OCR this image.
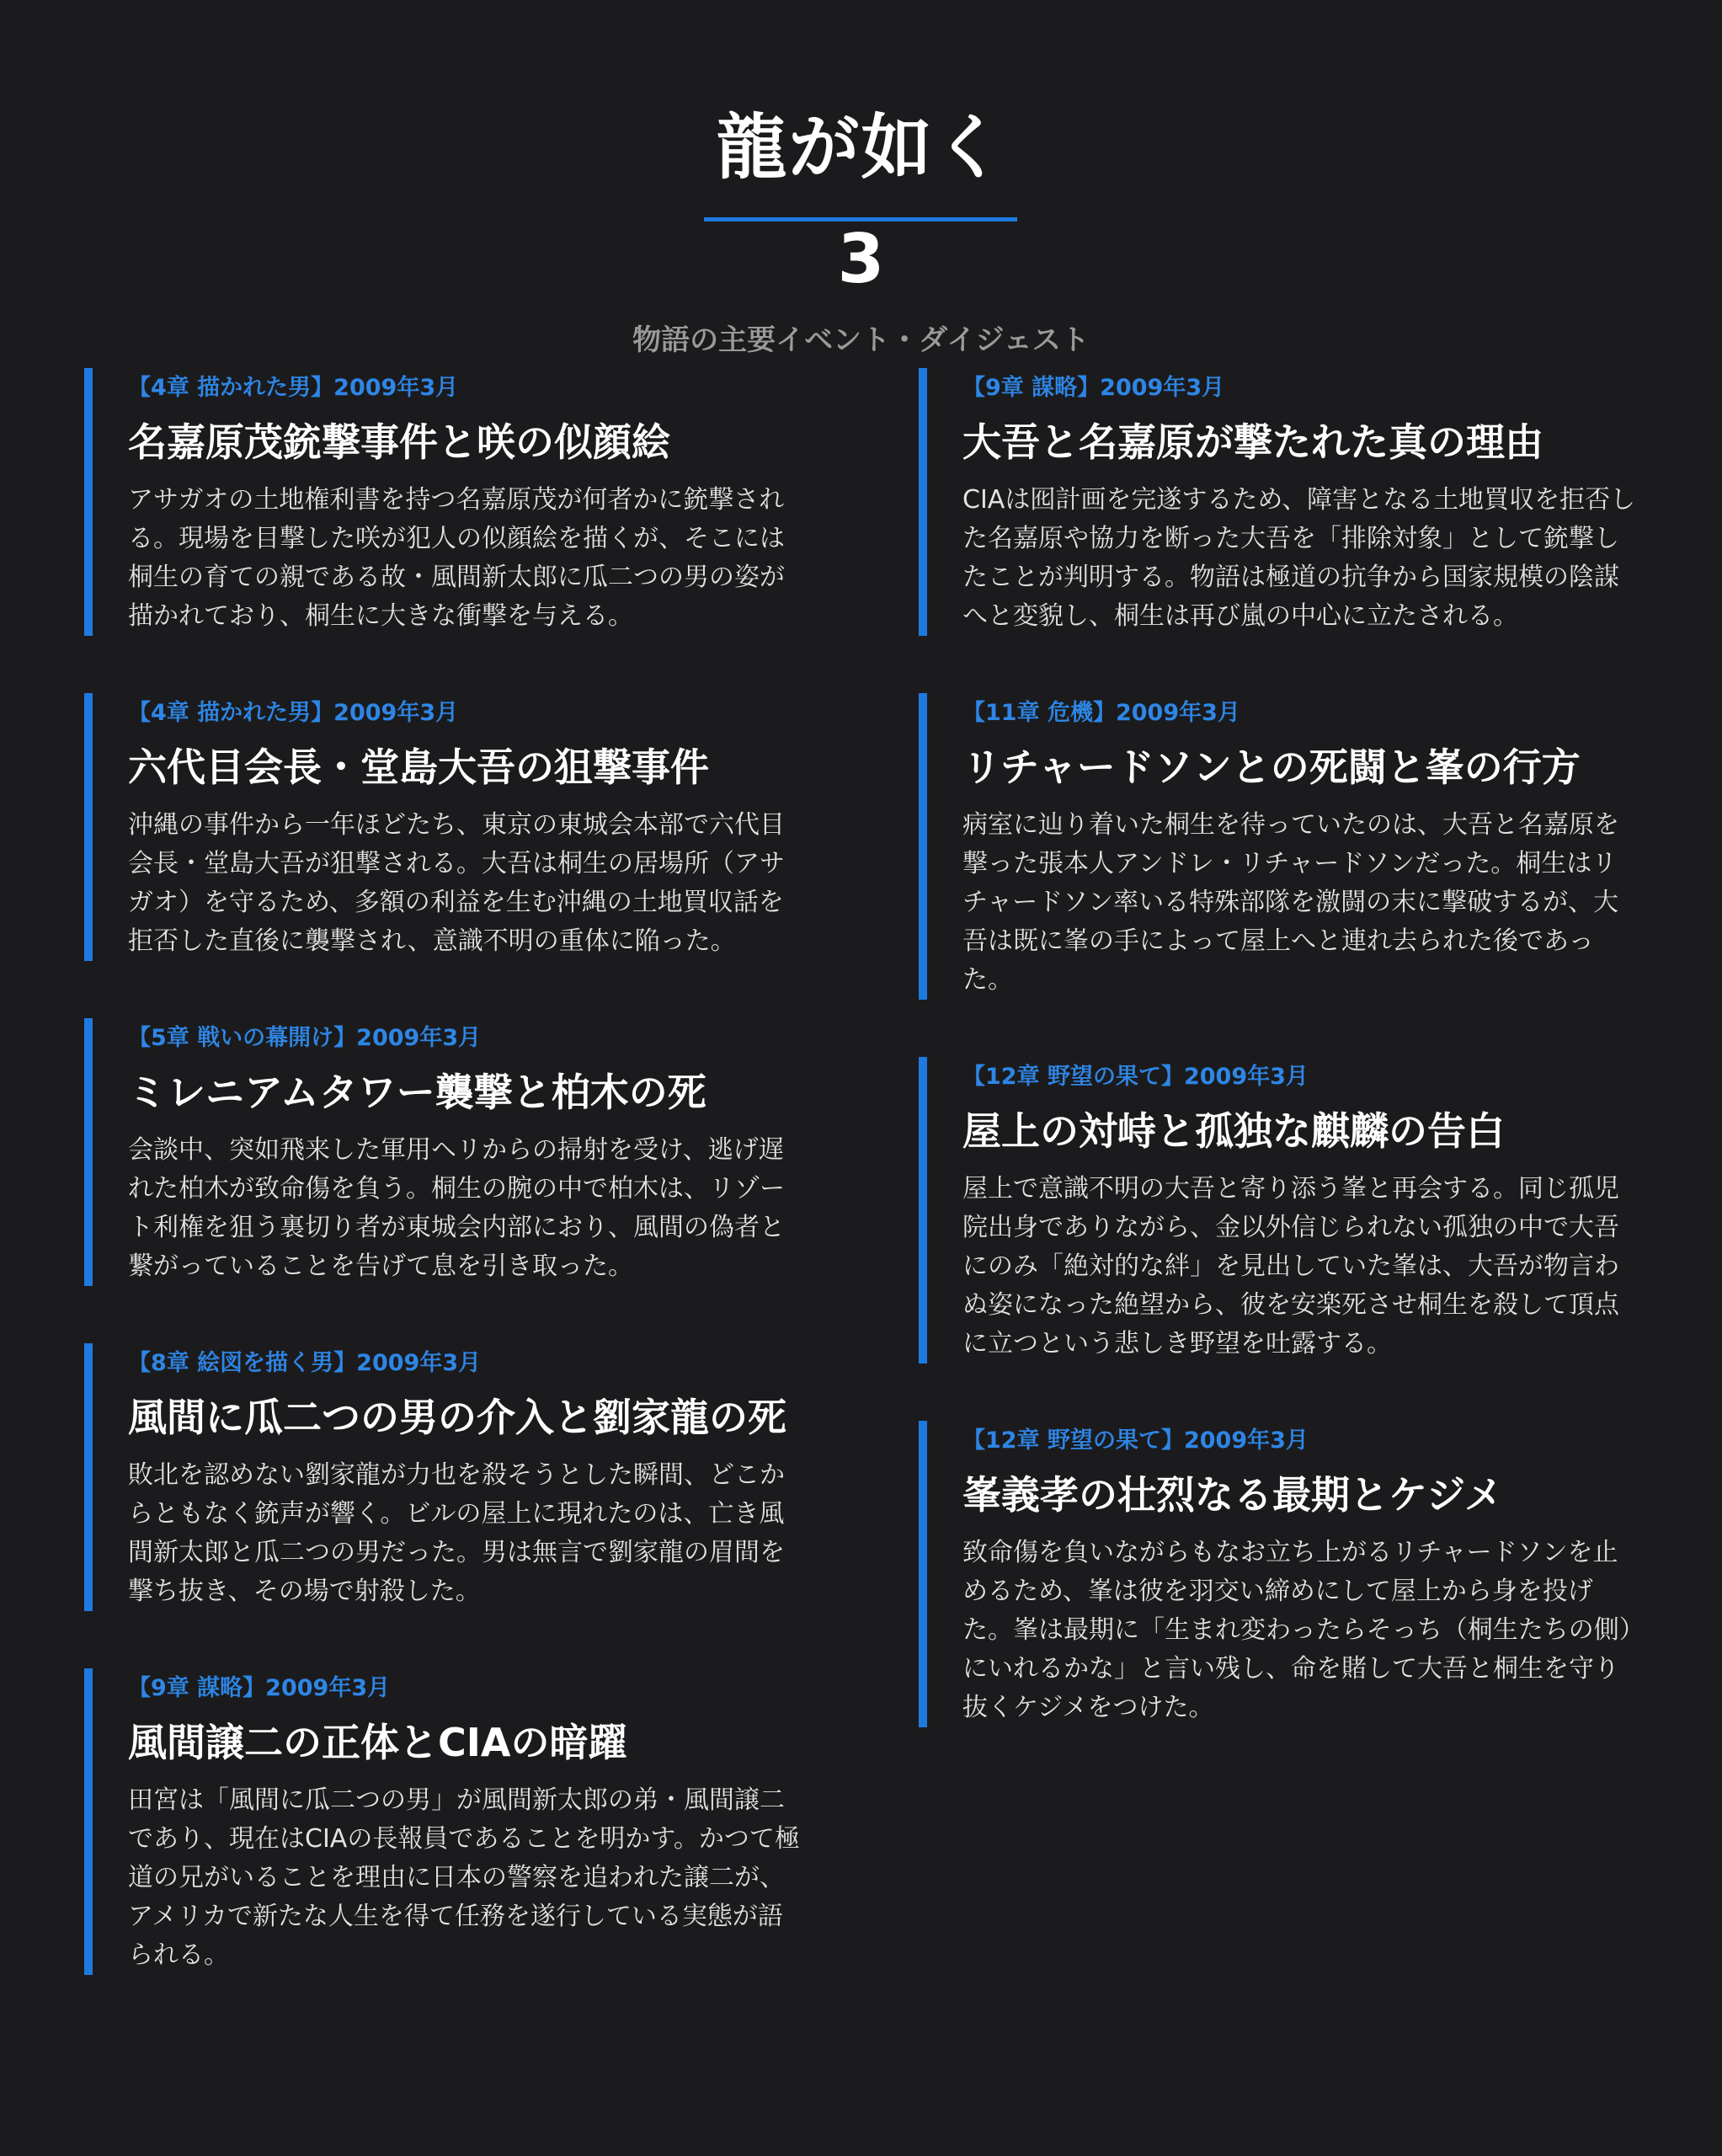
龍が如く
3
物語の主要イベント・ダイジェスト

【4章 描かれた男】2009年3月

名嘉原茂銃撃事件と咲の似顔絵

アサガオの土地権利書を持つ名嘉原茂が何者かに銃撃される。現場を目撃した咲が犯人の似顔絵を描くが、そこには桐生の育ての親である故・風間新太郎に瓜二つの男の姿が描かれており、桐生に大きな衝撃を与える。

【4章 描かれた男】2009年3月

六代目会長・堂島大吾の狙撃事件

沖縄の事件から一年ほどたち、東京の東城会本部で六代目会長・堂島大吾が狙撃される。大吾は桐生の居場所（アサガオ）を守るため、多額の利益を生む沖縄の土地買収話を拒否した直後に襲撃され、意識不明の重体に陥った。

【5章 戦いの幕開け】2009年3月

ミレニアムタワー襲撃と柏木の死

会談中、突如飛来した軍用ヘリからの掃射を受け、逃げ遅れた柏木が致命傷を負う。桐生の腕の中で柏木は、リゾート利権を狙う裏切り者が東城会内部におり、風間の偽者と繋がっていることを告げて息を引き取った。

【8章 絵図を描く男】2009年3月

風間に瓜二つの男の介入と劉家龍の死

敗北を認めない劉家龍が力也を殺そうとした瞬間、どこからともなく銃声が響く。ビルの屋上に現れたのは、亡き風間新太郎と瓜二つの男だった。男は無言で劉家龍の眉間を撃ち抜き、その場で射殺した。

【9章 謀略】2009年3月

風間譲二の正体とCIAの暗躍

田宮は「風間に瓜二つの男」が風間新太郎の弟・風間譲二であり、現在はCIAの長報員であることを明かす。かつて極道の兄がいることを理由に日本の警察を追われた譲二が、アメリカで新たな人生を得て任務を遂行している実態が語られる。

【9章 謀略】2009年3月

大吾と名嘉原が撃たれた真の理由

CIAは囮計画を完遂するため、障害となる土地買収を拒否した名嘉原や協力を断った大吾を「排除対象」として銃撃したことが判明する。物語は極道の抗争から国家規模の陰謀へと変貌し、桐生は再び嵐の中心に立たされる。

【11章 危機】2009年3月

リチャードソンとの死闘と峯の行方

病室に辿り着いた桐生を待っていたのは、大吾と名嘉原を撃った張本人アンドレ・リチャードソンだった。桐生はリチャードソン率いる特殊部隊を激闘の末に撃破するが、大吾は既に峯の手によって屋上へと連れ去られた後であった。

【12章 野望の果て】2009年3月

屋上の対峙と孤独な麒麟の告白

屋上で意識不明の大吾と寄り添う峯と再会する。同じ孤児院出身でありながら、金以外信じられない孤独の中で大吾にのみ「絶対的な絆」を見出していた峯は、大吾が物言わぬ姿になった絶望から、彼を安楽死させ桐生を殺して頂点に立つという悲しき野望を吐露する。

【12章 野望の果て】2009年3月

峯義孝の壮烈なる最期とケジメ

致命傷を負いながらもなお立ち上がるリチャードソンを止めるため、峯は彼を羽交い締めにして屋上から身を投げた。峯は最期に「生まれ変わったらそっち（桐生たちの側）にいれるかな」と言い残し、命を賭して大吾と桐生を守り抜くケジメをつけた。
